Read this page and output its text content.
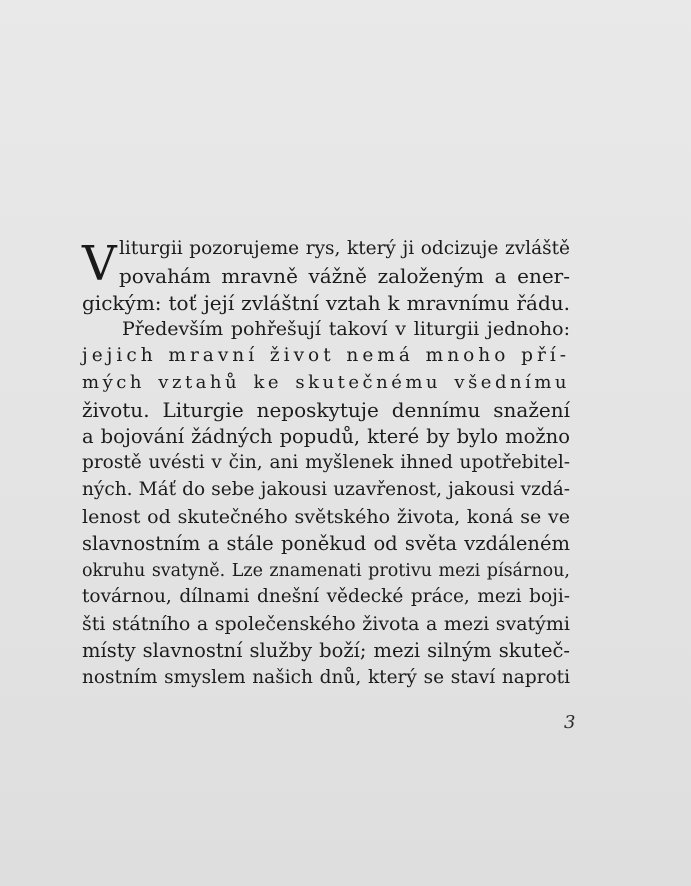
V liturgii pozorujeme rys, který ji odcizuje zvláště
povahám mravně vážně založeným a ener-
gickým: toť její zvláštní vztah k mravnímu řádu.
Především pohřešují takoví v liturgii jednoho:
jejich mravní život nemá mnoho pří-
mých vztahů ke skutečnému všednímu
životu. Liturgie neposkytuje dennímu snažení
a bojování žádných popudů, které by bylo možno
prostě uvésti v čin, ani myšlenek ihned upotřebitel-
ných. Máť do sebe jakousi uzavřenost, jakousi vzdá-
lenost od skutečného světského života, koná se ve
slavnostním a stále poněkud od světa vzdáleném
okruhu svatyně. Lze znamenati protivu mezi písárnou,
továrnou, dílnami dnešní vědecké práce, mezi boji-
šti státního a společenského života a mezi svatými
místy slavnostní služby boží; mezi silným skuteč-
nostním smyslem našich dnů, který se staví naproti
3
